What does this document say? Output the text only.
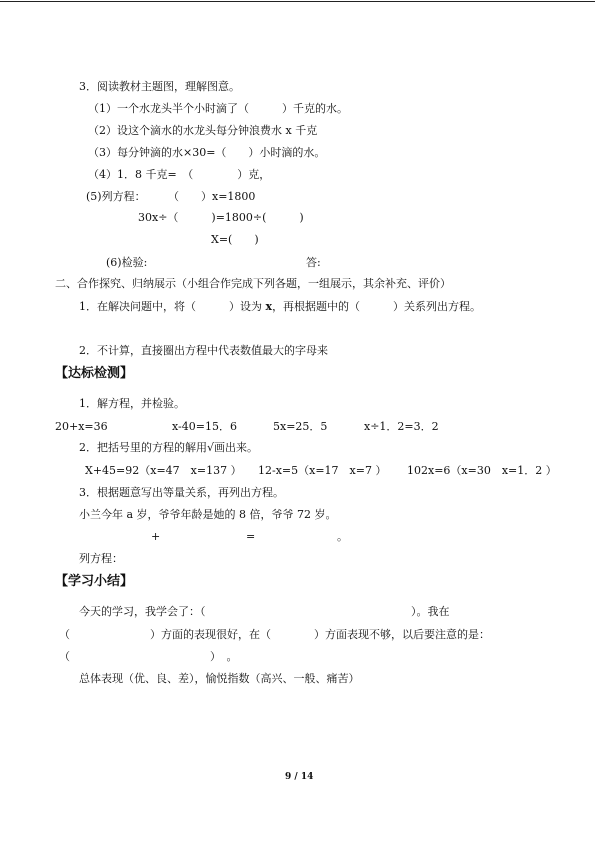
3．阅读教材主题图，理解图意。
（1）一个水龙头半个小时滴了（　　　）千克的水。
（2）设这个滴水的水龙头每分钟浪费水 x 千克
（3）每分钟滴的水×30=（　　）小时滴的水。
（4）1．8 千克=　（　　　　）克，
(5)列方程： （　　）x=1800
30x÷（　　　)=1800÷(　　　)
X=(　　)
(6)检验:	答:
二、合作探究、归纳展示（小组合作完成下列各题，一组展示，其余补充、评价）
1．在解决问题中，将（　　　）设为 x，再根据题中的（　　　）关系列出方程。
2．不计算，直接圈出方程中代表数值最大的字母来
【达标检测】
1．解方程，并检验。
20+x=36	x-40=15．6	5x=25．5	x÷1．2=3．2
2．把括号里的方程的解用√画出来。
X+45=92（x=47　x=137 ） 12-x=5（x=17　x=7 ） 102x=6（x=30　x=1．2 ）
3．根据题意写出等量关系，再列出方程。
小兰今年 a 岁，爷爷年龄是她的 8 倍，爷爷 72 岁。
+	=	。
列方程：
【学习小结】
今天的学习，我学会了：（	）。我在
（	）方面的表现很好，在（	）方面表现不够，以后要注意的是：
（	）　。
总体表现（优、良、差），愉悦指数（高兴、一般、痛苦）
9 / 14
